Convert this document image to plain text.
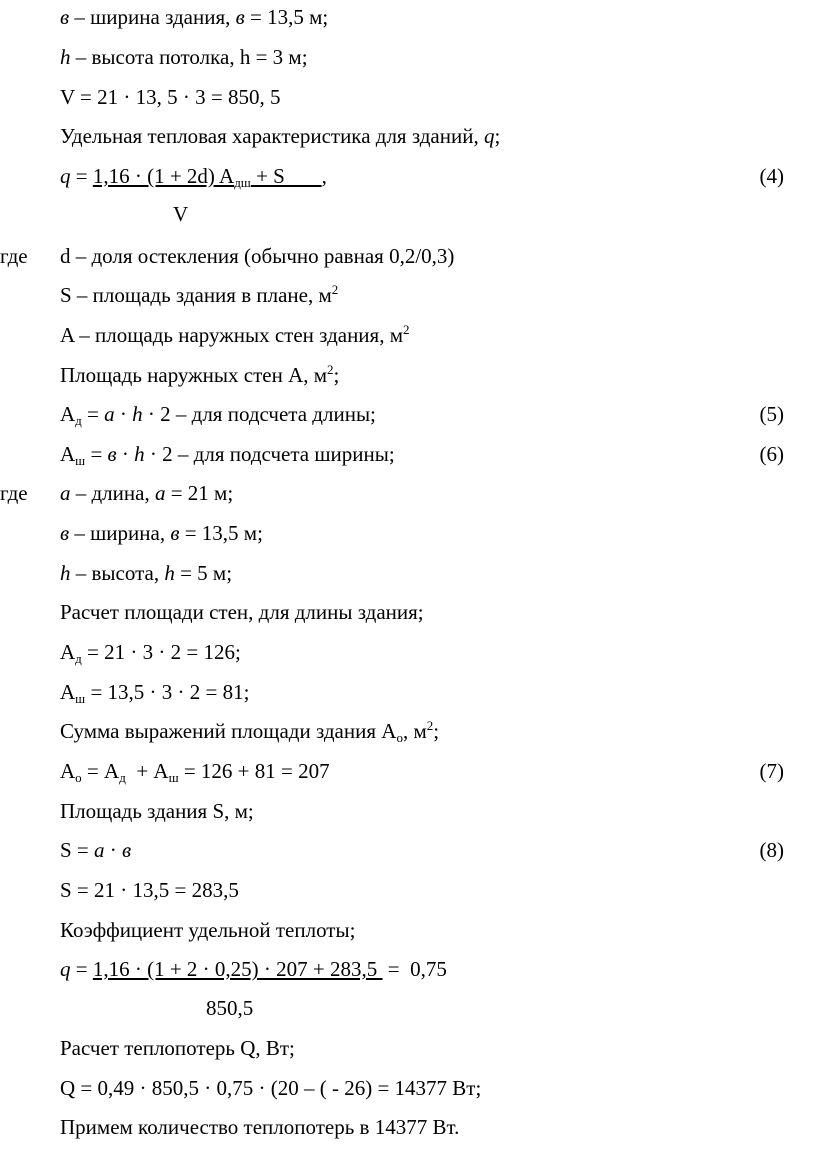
в – ширина здания, в = 13,5 м;
h – высота потолка, h = 3 м;
V = 21 · 13, 5 · 3 = 850, 5
Удельная тепловая характеристика для зданий, q;
q = 1,16 · (1 + 2d) $A_{дш} + S$       ,	(4)
V
где d – доля остекления (обычно равная 0,2/0,3)
S – площадь здания в плане, $м^2$
A – площадь наружных стен здания, $м^2$
Площадь наружных стен A, $м^2$;
$A_д = a \cdot h \cdot 2$ – для подсчета длины;	(5)
$A_ш = в \cdot h \cdot 2$ – для подсчета ширины;	(6)
где a – длина, a = 21 м;
в – ширина, в = 13,5 м;
h – высота, h = 5 м;
Расчет площади стен, для длины здания;
$A_д = 21 \cdot 3 \cdot 2 = 126$;
$A_ш = 13,5 \cdot 3 \cdot 2 = 81$;
Сумма выражений площади здания $A_о$, $м^2$;
$A_о = A_д + A_ш = 126 + 81 = 207$	(7)
Площадь здания S, м;
S = a · в	(8)
S = 21 · 13,5 = 283,5
Коэффициент удельной теплоты;
q = 1,16 · (1 + 2 · 0,25) · 207 + 283,5  =  0,75
850,5
Расчет теплопотерь Q, Вт;
Q = 0,49 · 850,5 · 0,75 · (20 – ( - 26) = 14377 Вт;
Примем количество теплопотерь в 14377 Вт.
